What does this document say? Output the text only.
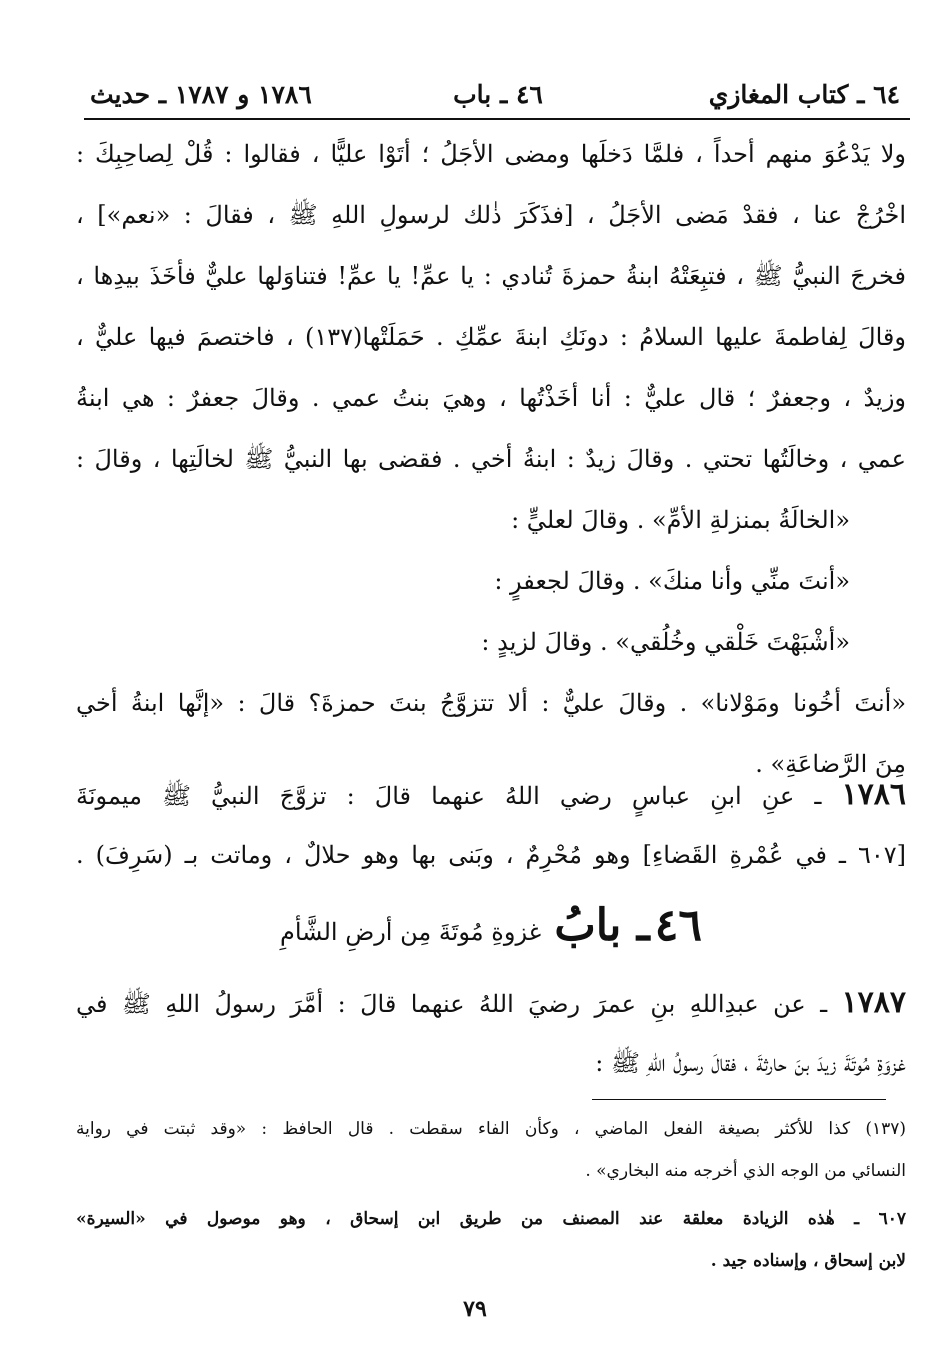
٦٤ ـ كتاب المغازي
٤٦ ـ باب
١٧٨٦ و ١٧٨٧ ـ حديث
ولا يَدْعُوَ منهم أحداً ، فلمَّا دَخلَها ومضى الأجَلُ ؛ أتَوْا عليًّا ، فقالوا : قُلْ لِصاحِبِكَ :
اخْرُجْ عنا ، فقدْ مَضى الأجَلُ ، [فذَكَرَ ذٰلك لرسولِ اللهِ ﷺ ، فقالَ : «نعم»] ،
فخرجَ النبيُّ ﷺ ، فتبِعَتْهُ ابنةُ حمزةَ تُنادي : يا عمِّ! يا عمِّ! فتناوَلها عليٌّ فأخَذَ بيدِها ،
وقالَ لِفاطمةَ عليها السلامُ : دونَكِ ابنةَ عمِّكِ . حَمَلَتْها(١٣٧) ، فاختصمَ فيها عليٌّ ،
وزيدٌ ، وجعفرٌ ؛ قال عليٌّ : أنا أخَذْتُها ، وهيَ بنتُ عمي . وقالَ جعفرٌ : هي ابنةُ
عمي ، وخالَتُها تحتي . وقالَ زيدٌ : ابنةُ أخي . فقضى بها النبيُّ ﷺ لخالَتِها ، وقالَ :
«الخالَةُ بمنزلةِ الأمِّ» . وقالَ لعليٍّ :
«أنتَ منِّي وأنا منكَ» . وقالَ لجعفرٍ :
«أشْبَهْتَ خَلْقي وخُلُقي» . وقالَ لزيدٍ :
«أنتَ أخُونا ومَوْلانا» . وقالَ عليٌّ : ألا تتزوَّجُ بنتَ حمزةَ؟ قالَ : «إنَّها ابنةُ أخي
مِنَ الرَّضاعَةِ» .
١٧٨٦ ـ عنِ ابنِ عباسٍ رضي اللهُ عنهما قالَ : تزوَّجَ النبيُّ ﷺ ميمونَةَ
[٦٠٧ ـ في عُمْرةِ القَضاءِ] وهو مُحْرِمٌ ، وبَنى بها وهو حلالٌ ، وماتت بـ (سَرِفَ) .
٤٦ ـ بابُ غزوةِ مُوتَةَ مِن أرضِ الشَّأمِ
١٧٨٧ ـ عن عبدِاللهِ بنِ عمرَ رضيَ اللهُ عنهما قالَ : أمَّرَ رسولُ اللهِ ﷺ في
غزوَةِ مُوتَةَ زيدَ بنَ حارثةَ ، فقالَ رسولُ اللهِ ﷺ :
(١٣٧) كذا للأكثر بصيغة الفعل الماضي ، وكأن الفاء سقطت . قال الحافظ : «وقد ثبتت في رواية
النسائي من الوجه الذي أخرجه منه البخاري» .
٦٠٧ ـ هٰذه الزيادة معلقة عند المصنف من طريق ابن إسحاق ، وهو موصول في «السيرة»
لابن إسحاق ، وإسناده جيد .
٧٩
